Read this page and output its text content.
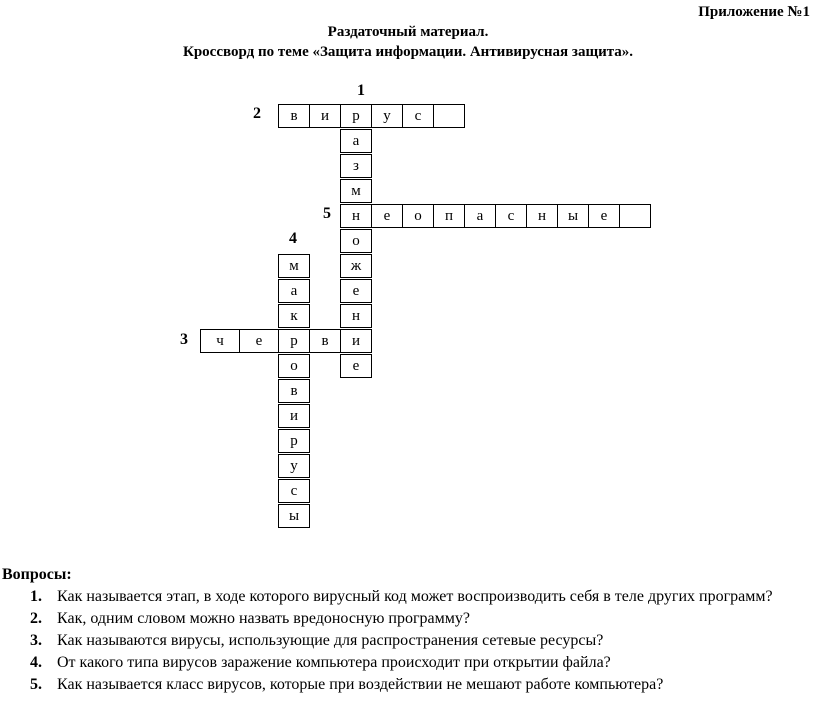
Приложение №1
Раздаточный материал.
Кроссворд по теме «Защита информации. Антивирусная защита».
1
2
3
4
5
в	и	р	у	с
а
з
м
н
о
ж
е
н
и
е
е	о	п	а	с	н	ы	е
м
а
к
р
о
в
и
р
у
с
ы
ч	е	в
Вопросы:
1. Как называется этап, в ходе которого вирусный код может воспроизводить себя в теле других программ?
2. Как, одним словом можно назвать вредоносную программу?
3. Как называются вирусы, использующие для распространения сетевые ресурсы?
4. От какого типа вирусов заражение компьютера происходит при открытии файла?
5. Как называется класс вирусов, которые при воздействии не мешают работе компьютера?
